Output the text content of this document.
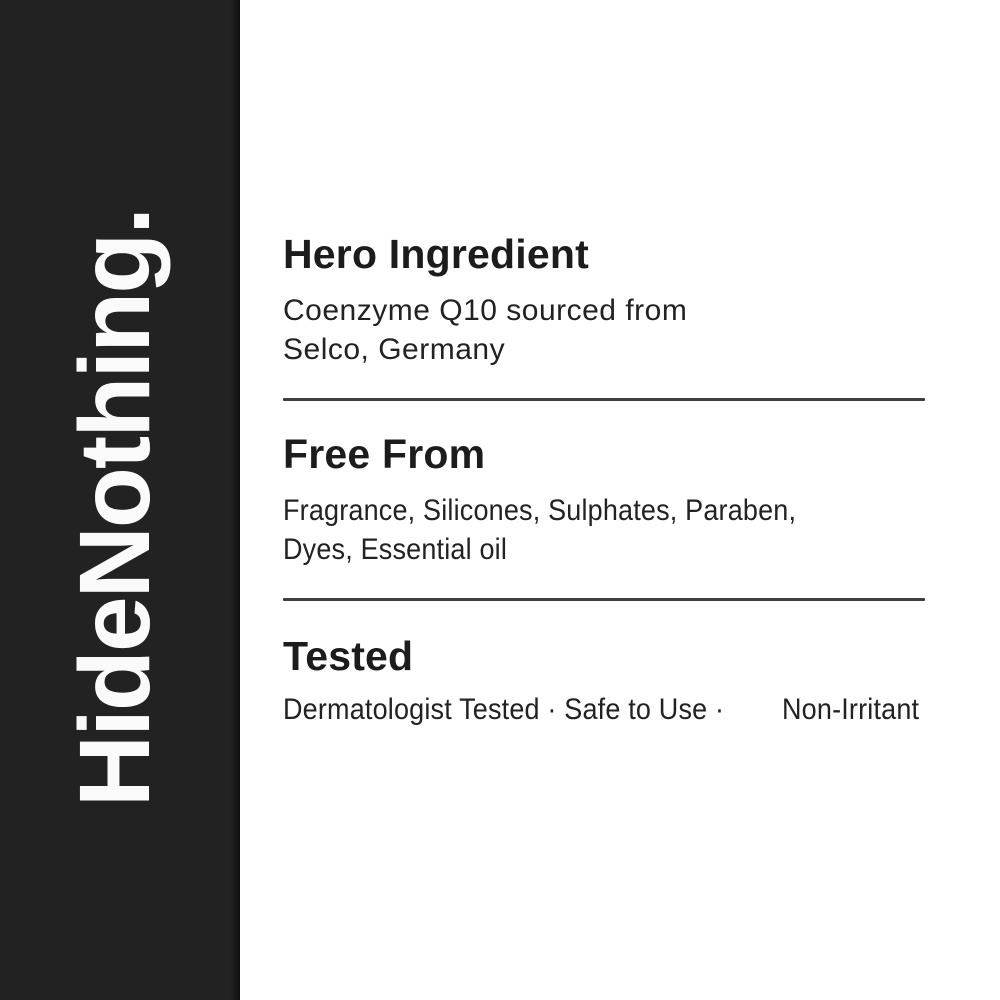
HideNothing.	Hero Ingredient

Coenzyme Q10 sourced from
Selco, Germany

Free From

Fragrance, Silicones, Sulphates, Paraben, Dyes, Essential oil

Tested

Dermatologist Tested · Safe to Use · Non-Irritant
